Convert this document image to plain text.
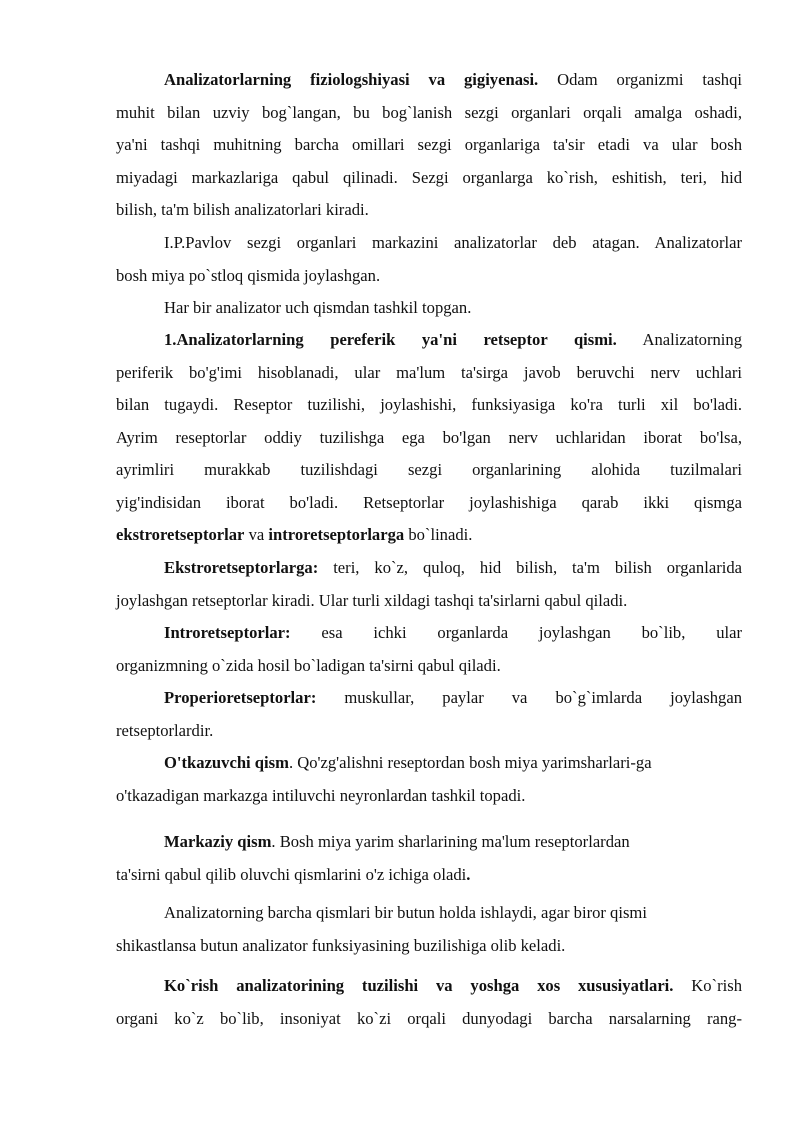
Analizatorlarning fiziologshiyasi va gigiyenasi. Odam organizmi tashqi
muhit bilan uzviy bog`langan, bu bog`lanish sezgi organlari orqali amalga oshadi,
ya'ni tashqi muhitning barcha omillari sezgi organlariga ta'sir etadi va ular bosh
miyadagi markazlariga qabul qilinadi. Sezgi organlarga ko`rish, eshitish, teri, hid
bilish, ta'm bilish analizatorlari kiradi.
I.P.Pavlov sezgi organlari markazini analizatorlar deb atagan. Analizatorlar
bosh miya po`stloq qismida joylashgan.
Har bir analizator uch qismdan tashkil topgan.
1.Analizatorlarning pereferik ya'ni retseptor qismi. Analizatorning
periferik bo'g'imi hisoblanadi, ular ma'lum ta'sirga javob beruvchi nerv uchlari
bilan tugaydi. Reseptor tuzilishi, joylashishi, funksiyasiga ko'ra turli xil bo'ladi.
Ayrim reseptorlar oddiy tuzilishga ega bo'lgan nerv uchlaridan iborat bo'lsa,
ayrimliri murakkab tuzilishdagi sezgi organlarining alohida tuzilmalari
yig'indisidan iborat bo'ladi. Retseptorlar joylashishiga qarab ikki qismga
ekstroretseptorlar va introretseptorlarga bo`linadi.
Ekstroretseptorlarga: teri, ko`z, quloq, hid bilish, ta'm bilish organlarida
joylashgan retseptorlar kiradi. Ular turli xildagi tashqi ta'sirlarni qabul qiladi.
Introretseptorlar: esa ichki organlarda joylashgan bo`lib, ular
organizmning o`zida hosil bo`ladigan ta'sirni qabul qiladi.
Properioretseptorlar: muskullar, paylar va bo`g`imlarda joylashgan
retseptorlardir.
O'tkazuvchi qism. Qo'zg'alishni reseptordan bosh miya yarimsharlari-ga
o'tkazadigan markazga intiluvchi neyronlardan tashkil topadi.
Markaziy qism. Bosh miya yarim sharlarining ma'lum reseptorlardan
ta'sirni qabul qilib oluvchi qismlarini o'z ichiga oladi.
Analizatorning barcha qismlari bir butun holda ishlaydi, agar biror qismi
shikastlansa butun analizator funksiyasining buzilishiga olib keladi.
Ko`rish analizatorining tuzilishi va yoshga xos xususiyatlari. Ko`rish
organi ko`z bo`lib, insoniyat ko`zi orqali dunyodagi barcha narsalarning rang-
